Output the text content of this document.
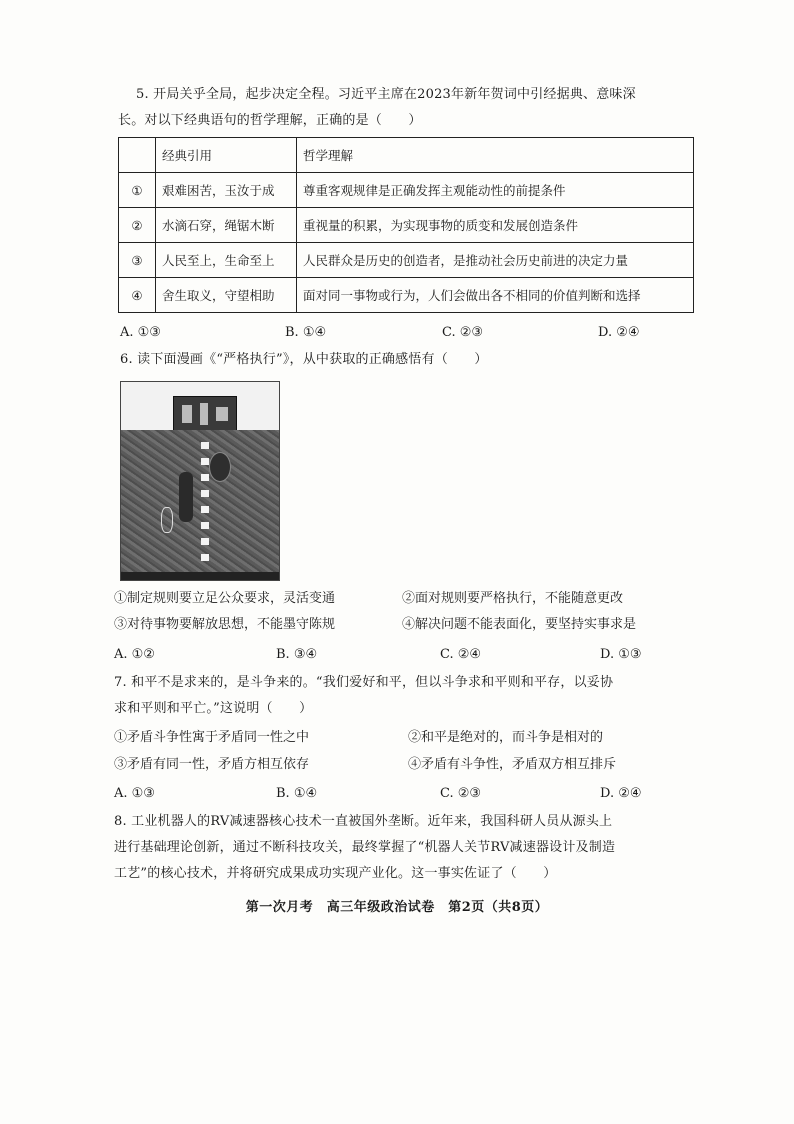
5. 开局关乎全局，起步决定全程。习近平主席在2023年新年贺词中引经据典、意味深
长。对以下经典语句的哲学理解，正确的是（　　）
	经典引用	哲学理解
①	艰难困苦，玉汝于成	尊重客观规律是正确发挥主观能动性的前提条件
②	水滴石穿，绳锯木断	重视量的积累，为实现事物的质变和发展创造条件
③	人民至上，生命至上	人民群众是历史的创造者，是推动社会历史前进的决定力量
④	舍生取义，守望相助	面对同一事物或行为，人们会做出各不相同的价值判断和选择
A. ①③	B. ①④	C. ②③	D. ②④
6. 读下面漫画《“严格执行”》，从中获取的正确感悟有（　　）
①制定规则要立足公众要求，灵活变通	②面对规则要严格执行，不能随意更改
③对待事物要解放思想，不能墨守陈规	④解决问题不能表面化，要坚持实事求是
A. ①②	B. ③④	C. ②④	D. ①③
7. 和平不是求来的，是斗争来的。“我们爱好和平，但以斗争求和平则和平存，以妥协
求和平则和平亡。”这说明（　　）
①矛盾斗争性寓于矛盾同一性之中	②和平是绝对的，而斗争是相对的
③矛盾有同一性，矛盾方相互依存	④矛盾有斗争性，矛盾双方相互排斥
A. ①③	B. ①④	C. ②③	D. ②④
8. 工业机器人的RV减速器核心技术一直被国外垄断。近年来，我国科研人员从源头上
进行基础理论创新，通过不断科技攻关，最终掌握了“机器人关节RV减速器设计及制造
工艺”的核心技术，并将研究成果成功实现产业化。这一事实佐证了（　　）
第一次月考　高三年级政治试卷　第2页（共8页）
